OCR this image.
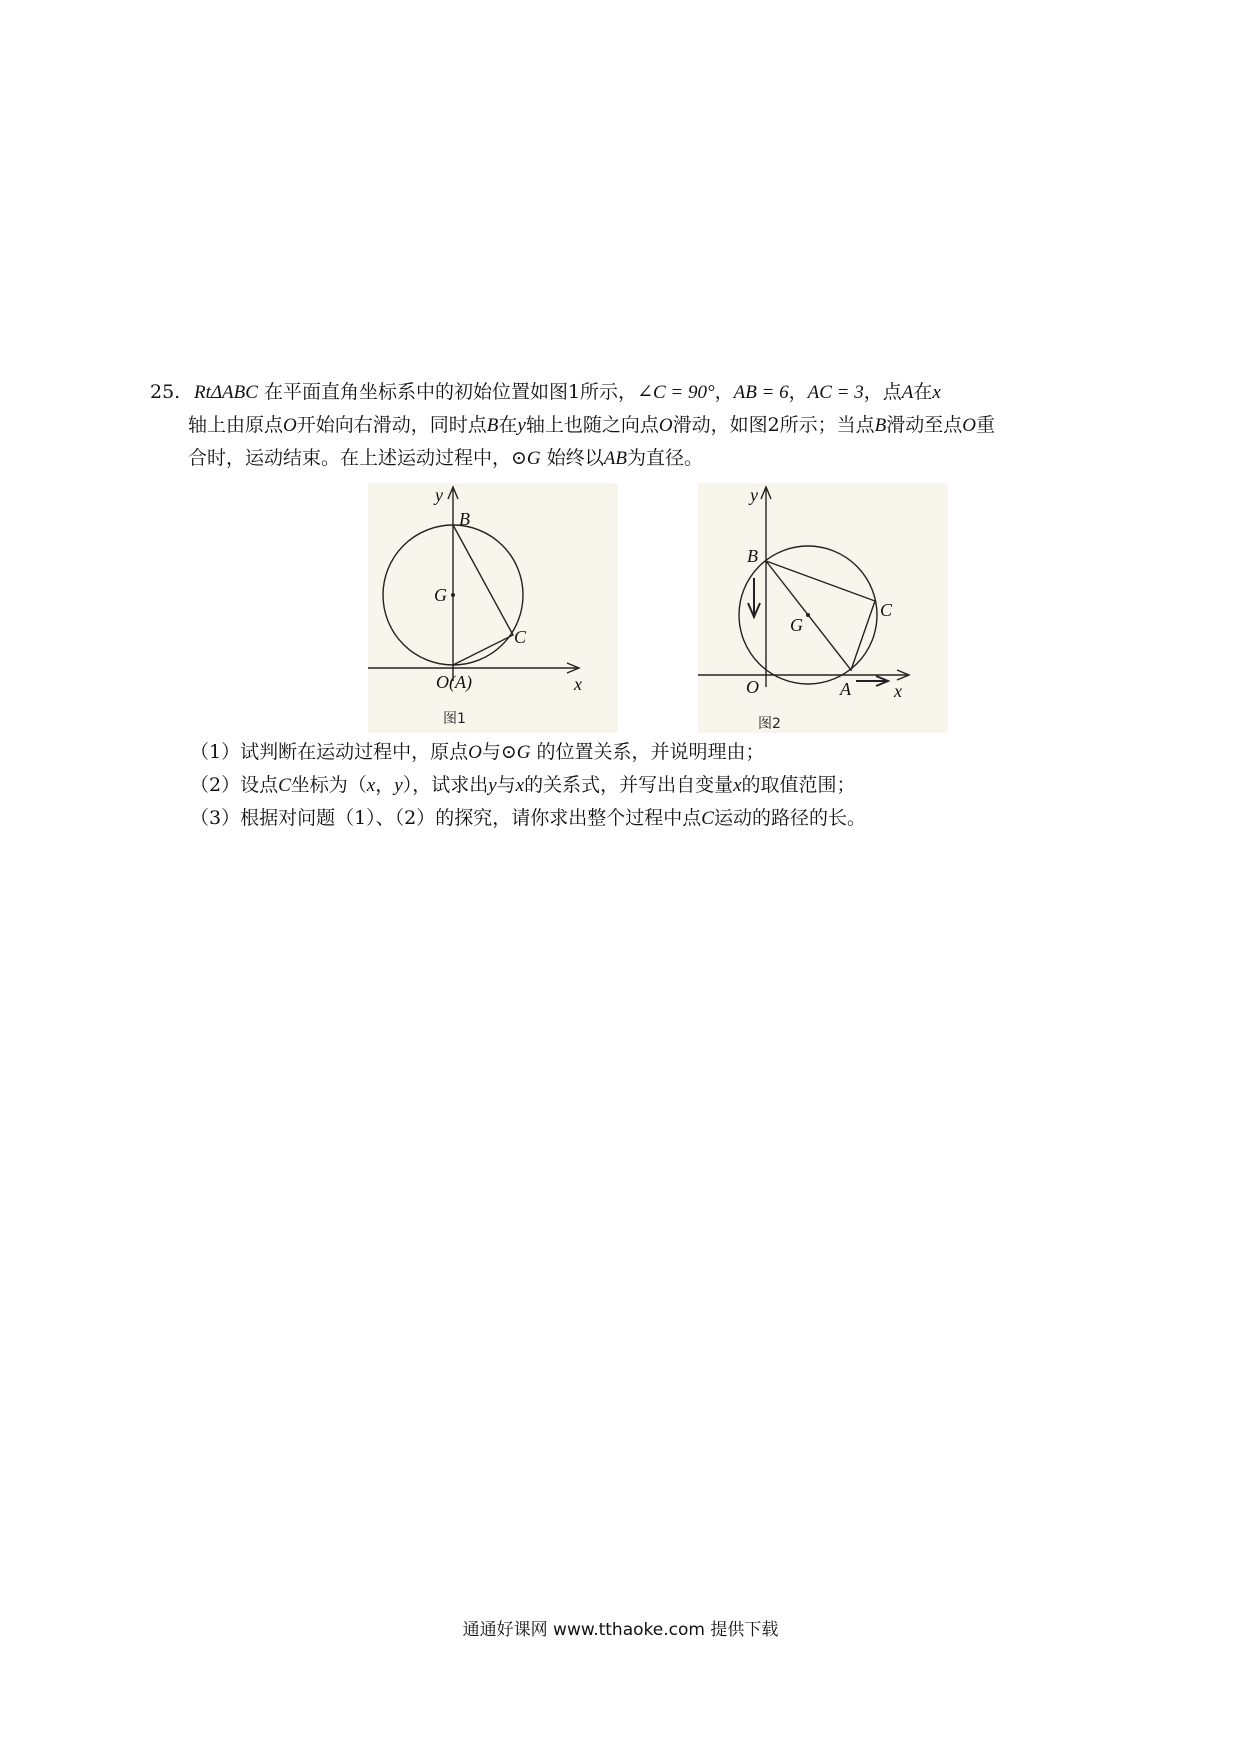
25. RtΔABC 在平面直角坐标系中的初始位置如图1所示，∠C = 90°，AB = 6，AC = 3，点A在x
轴上由原点O开始向右滑动，同时点B在y轴上也随之向点O滑动，如图2所示；当点B滑动至点O重
合时，运动结束。在上述运动过程中，⊙G 始终以AB为直径。
y
B
G
C
O(A)	x
图1
y
B
G
C
O	A x
图2
（1）试判断在运动过程中，原点O与⊙G 的位置关系，并说明理由；
（2）设点C坐标为（x，y），试求出y与x的关系式，并写出自变量x的取值范围；
（3）根据对问题（1）、（2）的探究，请你求出整个过程中点C运动的路径的长。
通通好课网 www.tthaoke.com 提供下载
